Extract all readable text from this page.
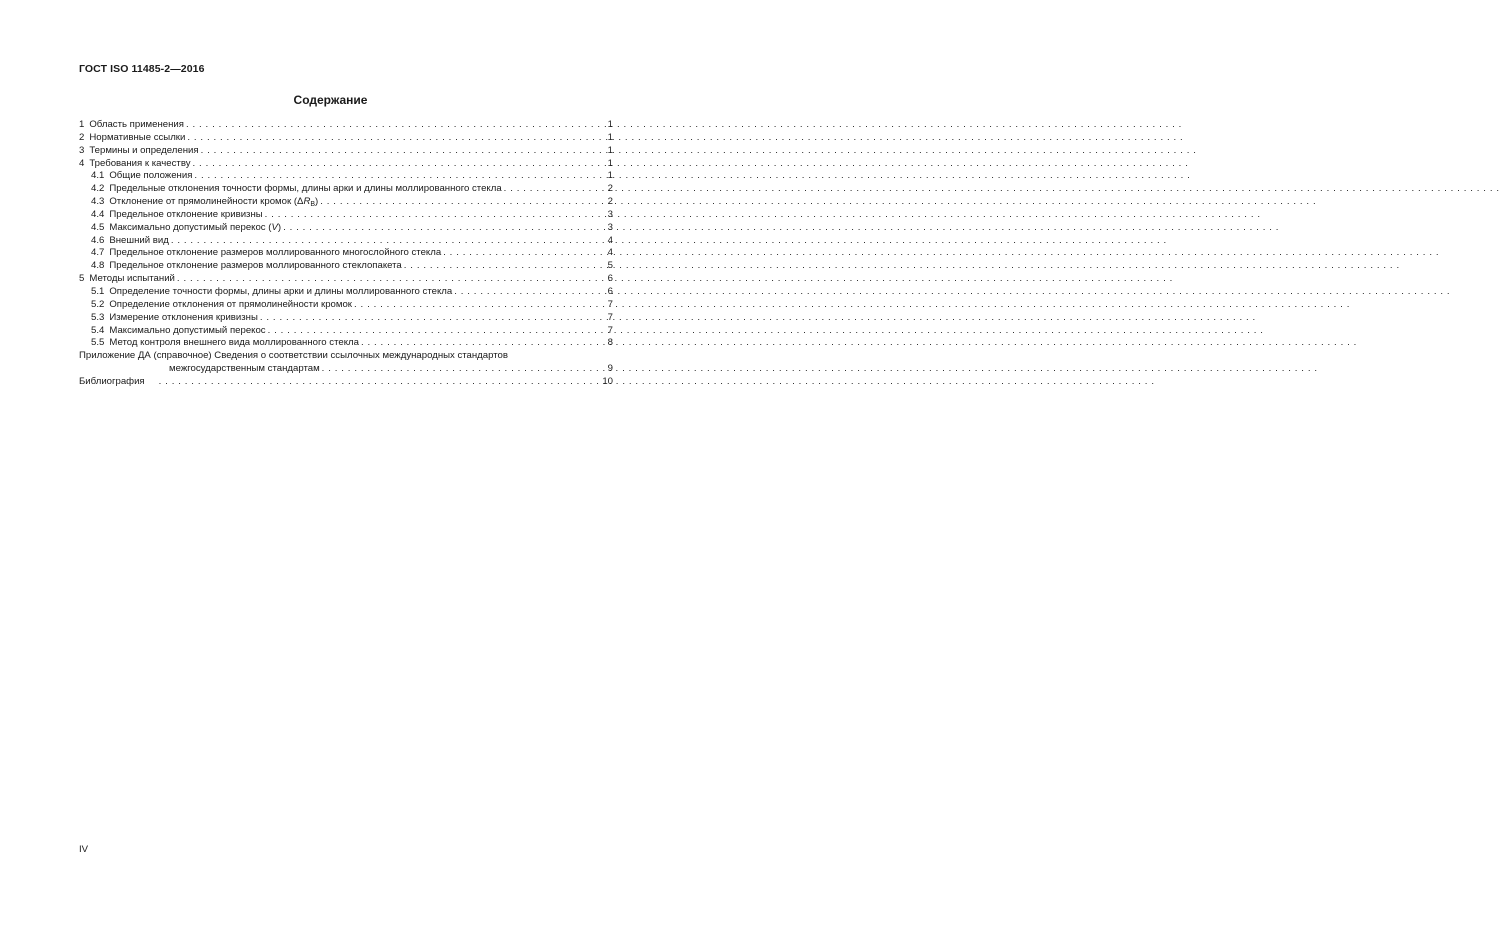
ГОСТ ISO 11485-2—2016
Содержание
1 Область применения . . .	1
2 Нормативные ссылки . . .	1
3 Термины и определения . . .	1
4 Требования к качеству . . .	1
4.1 Общие положения . . .	1
4.2 Предельные отклонения точности формы, длины арки и длины моллированного стекла . . .	2
4.3 Отклонение от прямолинейности кромок $(\Delta R_B)$ . . .	2
4.4 Предельное отклонение кривизны . . .	3
4.5 Максимально допустимый перекос (V) . . .	3
4.6 Внешний вид . . .	4
4.7 Предельное отклонение размеров моллированного многослойного стекла . . .	4
4.8 Предельное отклонение размеров моллированного стеклопакета . . .	5
5 Методы испытаний . . .	6
5.1 Определение точности формы, длины арки и длины моллированного стекла . . .	6
5.2 Определение отклонения от прямолинейности кромок . . .	7
5.3 Измерение отклонения кривизны . . .	7
5.4 Максимально допустимый перекос . . .	7
5.5 Метод контроля внешнего вида моллированного стекла . . .	8
Приложение ДА (справочное) Сведения о соответствии ссылочных международных стандартов
межгосударственным стандартам . . .	9
Библиография . . .	10
IV
